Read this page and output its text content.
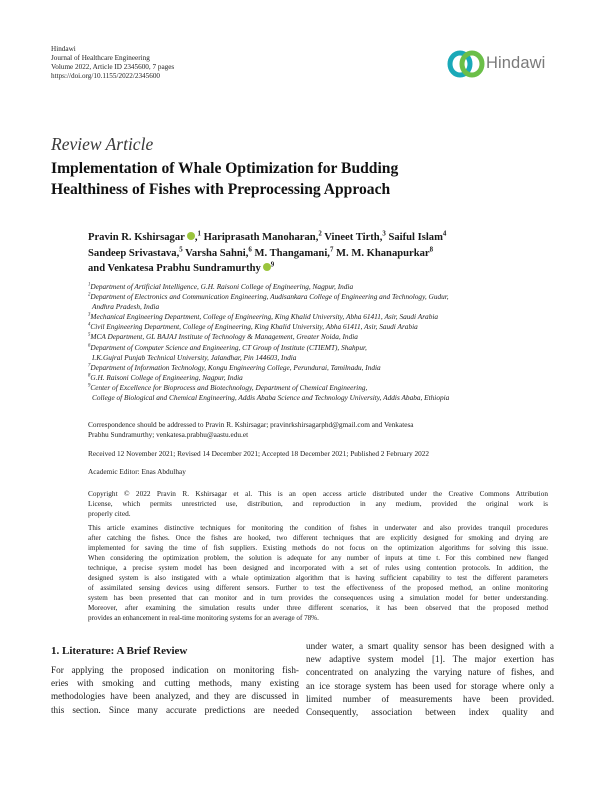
Hindawi
Journal of Healthcare Engineering
Volume 2022, Article ID 2345600, 7 pages
https://doi.org/10.1155/2022/2345600
Hindawi
Review Article
Implementation of Whale Optimization for Budding
Healthiness of Fishes with Preprocessing Approach
Pravin R. Kshirsagar ,$^1$ Hariprasath Manoharan,$^2$ Vineet Tirth,$^3$ Saiful Islam$^4$
Sandeep Srivastava,$^5$ Varsha Sahni,$^6$ M. Thangamani,$^7$ M. M. Khanapurkar$^8$
and Venkatesa Prabhu Sundramurthy $^9$
$^1$Department of Artificial Intelligence, G.H. Raisoni College of Engineering, Nagpur, India
$^2$Department of Electronics and Communication Engineering, Audisankara College of Engineering and Technology, Gudur,
Andhra Pradesh, India
$^3$Mechanical Engineering Department, College of Engineering, King Khalid University, Abha 61411, Asir, Saudi Arabia
$^4$Civil Engineering Department, College of Engineering, King Khalid University, Abha 61411, Asir, Saudi Arabia
$^5$MCA Department, GL BAJAJ Institute of Technology & Management, Greater Noida, India
$^6$Department of Computer Science and Engineering, CT Group of Institute (CTIEMT), Shahpur,
I.K.Gujral Punjab Technical University, Jalandhar, Pin 144603, India
$^7$Department of Information Technology, Kongu Engineering College, Perundurai, Tamilnadu, India
$^8$G.H. Raisoni College of Engineering, Nagpur, India
$^9$Center of Excellence for Bioprocess and Biotechnology, Department of Chemical Engineering,
College of Biological and Chemical Engineering, Addis Ababa Science and Technology University, Addis Ababa, Ethiopia
Correspondence should be addressed to Pravin R. Kshirsagar; pravinrkshirsagarphd@gmail.com and Venkatesa
Prabhu Sundramurthy; venkatesa.prabhu@aastu.edu.et
Received 12 November 2021; Revised 14 December 2021; Accepted 18 December 2021; Published 2 February 2022
Academic Editor: Enas Abdulhay
Copyright © 2022 Pravin R. Kshirsagar et al. This is an open access article distributed under the Creative Commons Attribution
License, which permits unrestricted use, distribution, and reproduction in any medium, provided the original work is
properly cited.
This article examines distinctive techniques for monitoring the condition of fishes in underwater and also provides tranquil procedures
after catching the fishes. Once the fishes are hooked, two different techniques that are explicitly designed for smoking and drying are
implemented for saving the time of fish suppliers. Existing methods do not focus on the optimization algorithms for solving this issue.
When considering the optimization problem, the solution is adequate for any number of inputs at time t. For this combined new flanged
technique, a precise system model has been designed and incorporated with a set of rules using contention protocols. In addition, the
designed system is also instigated with a whale optimization algorithm that is having sufficient capability to test the different parameters
of assimilated sensing devices using different sensors. Further to test the effectiveness of the proposed method, an online monitoring
system has been presented that can monitor and in turn provides the consequences using a simulation model for better understanding.
Moreover, after examining the simulation results under three different scenarios, it has been observed that the proposed method
provides an enhancement in real-time monitoring systems for an average of 78%.
1. Literature: A Brief Review
For applying the proposed indication on monitoring fish-
eries with smoking and cutting methods, many existing
methodologies have been analyzed, and they are discussed in
this section. Since many accurate predictions are needed
under water, a smart quality sensor has been designed with a
new adaptive system model [1]. The major exertion has
concentrated on analyzing the varying nature of fishes, and
an ice storage system has been used for storage where only a
limited number of measurements have been provided.
Consequently, association between index quality and
